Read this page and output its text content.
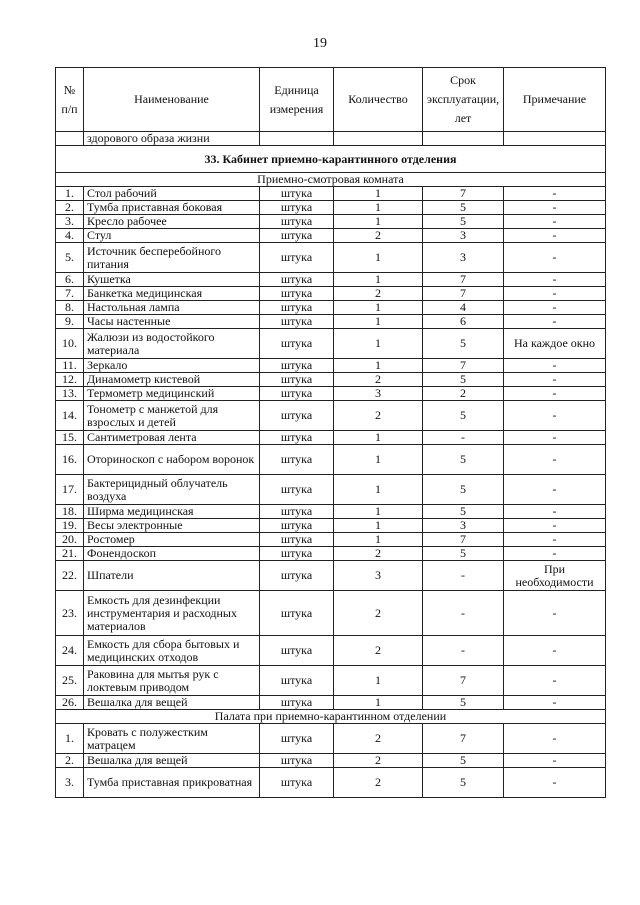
19
№ п/п	Наименование	Единица измерения	Количество	Срок эксплуатации, лет	Примечание
	здорового образа жизни				
33. Кабинет приемно-карантинного отделения					
Приемно-смотровая комната					
1.	Стол рабочий	штука	1	7	-
2.	Тумба приставная боковая	штука	1	5	-
3.	Кресло рабочее	штука	1	5	-
4.	Стул	штука	2	3	-
5.	Источник бесперебойного питания	штука	1	3	-
6.	Кушетка	штука	1	7	-
7.	Банкетка медицинская	штука	2	7	-
8.	Настольная лампа	штука	1	4	-
9.	Часы настенные	штука	1	6	-
10.	Жалюзи из водостойкого материала	штука	1	5	На каждое окно
11.	Зеркало	штука	1	7	-
12.	Динамометр кистевой	штука	2	5	-
13.	Термометр медицинский	штука	3	2	-
14.	Тонометр с манжетой для взрослых и детей	штука	2	5	-
15.	Сантиметровая лента	штука	1	-	-
16.	Оториноскоп с набором воронок	штука	1	5	-
17.	Бактерицидный облучатель воздуха	штука	1	5	-
18.	Ширма медицинская	штука	1	5	-
19.	Весы электронные	штука	1	3	-
20.	Ростомер	штука	1	7	-
21.	Фонендоскоп	штука	2	5	-
22.	Шпатели	штука	3	-	При необходимости
23.	Емкость для дезинфекции инструментария и расходных материалов	штука	2	-	-
24.	Емкость для сбора бытовых и медицинских отходов	штука	2	-	-
25.	Раковина для мытья рук с локтевым приводом	штука	1	7	-
26.	Вешалка для вещей	штука	1	5	-
Палата при приемно-карантинном отделении					
1.	Кровать с полужестким матрацем	штука	2	7	-
2.	Вешалка для вещей	штука	2	5	-
3.	Тумба приставная прикроватная	штука	2	5	-
